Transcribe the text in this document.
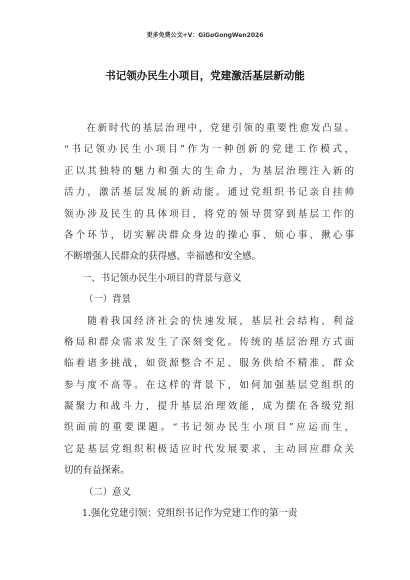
更多免费公文+V：GiGoGongWen2026
书记领办民生小项目，党建激活基层新动能
　　在新时代的基层治理中，党建引领的重要性愈发凸显。
“书记领办民生小项目”作为一种创新的党建工作模式，
正以其独特的魅力和强大的生命力，为基层治理注入新的
活力，激活基层发展的新动能。通过党组织书记亲自挂帅
领办涉及民生的具体项目，将党的领导贯穿到基层工作的
各个环节，切实解决群众身边的操心事、烦心事、揪心事
不断增强人民群众的获得感、幸福感和安全感。
一、书记领办民生小项目的背景与意义
（一）背景
　　随着我国经济社会的快速发展，基层社会结构、利益
格局和群众需求发生了深刻变化。传统的基层治理方式面
临着诸多挑战，如资源整合不足、服务供给不精准、群众
参与度不高等。在这样的背景下，如何加强基层党组织的
凝聚力和战斗力，提升基层治理效能，成为摆在各级党组
织面前的重要课题。“书记领办民生小项目”应运而生，
它是基层党组织积极适应时代发展要求，主动回应群众关
切的有益探索。
（二）意义
1.强化党建引领：党组织书记作为党建工作的第一责
